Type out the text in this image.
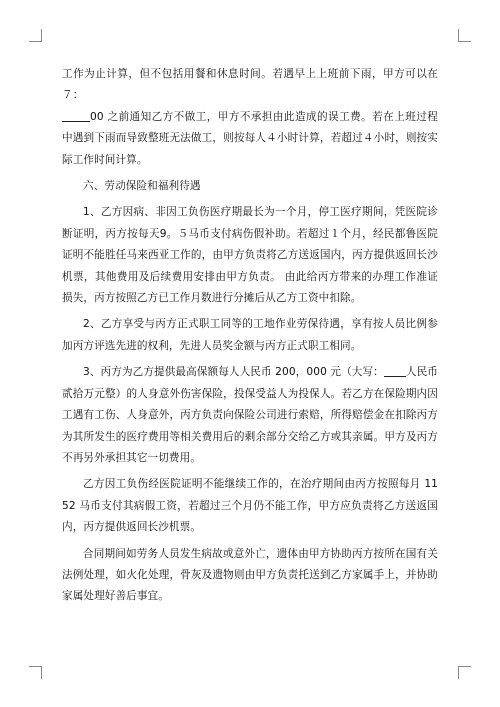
工作为止计算，但不包括用餐和休息时间。若遇早上上班前下雨，甲方可以在７：
00 之前通知乙方不做工，甲方不承担由此造成的误工费。若在上班过程中遇到下雨而导致整班无法做工，则按每人４小时计算，若超过４小时，则按实际工作时间计算。

六、劳动保险和福利待遇

1、乙方因病、非因工负伤医疗期最长为一个月，停工医疗期间，凭医院诊断证明，丙方按每天9。５马币支付病伤假补助。若超过１个月，经民都鲁医院证明不能胜任马来西亚工作的，由甲方负责将乙方送返国内，丙方提供返回长沙机票，其他费用及后续费用安排由甲方负责。 由此给丙方带来的办理工作准证损失，丙方按照乙方已工作月数进行分摊后从乙方工资中扣除。

2、乙方享受与丙方正式职工同等的工地作业劳保待遇，享有按人员比例参加丙方评选先进的权利，先进人员奖金额与丙方正式职工相同。

3、丙方为乙方提供最高保额每人人民币 200，000 元（大写： 人民币贰拾万元整）的人身意外伤害保险，投保受益人为投保人。若乙方在保险期内因工遇有工伤、人身意外，丙方负责向保险公司进行索赔，所得赔偿金在扣除丙方为其所发生的医疗费用等相关费用后的剩余部分交给乙方或其亲属。甲方及丙方不再另外承担其它一切费用。

乙方因工负伤经医院证明不能继续工作的，在治疗期间由丙方按照每月 1152 马币支付其病假工资，若超过三个月仍不能工作，甲方应负责将乙方送返国内，丙方提供返回长沙机票。

合同期间如劳务人员发生病故或意外亡，遗体由甲方协助丙方按所在国有关法例处理，如火化处理，骨灰及遗物则由甲方负责托送到乙方家属手上，并协助家属处理好善后事宜。
